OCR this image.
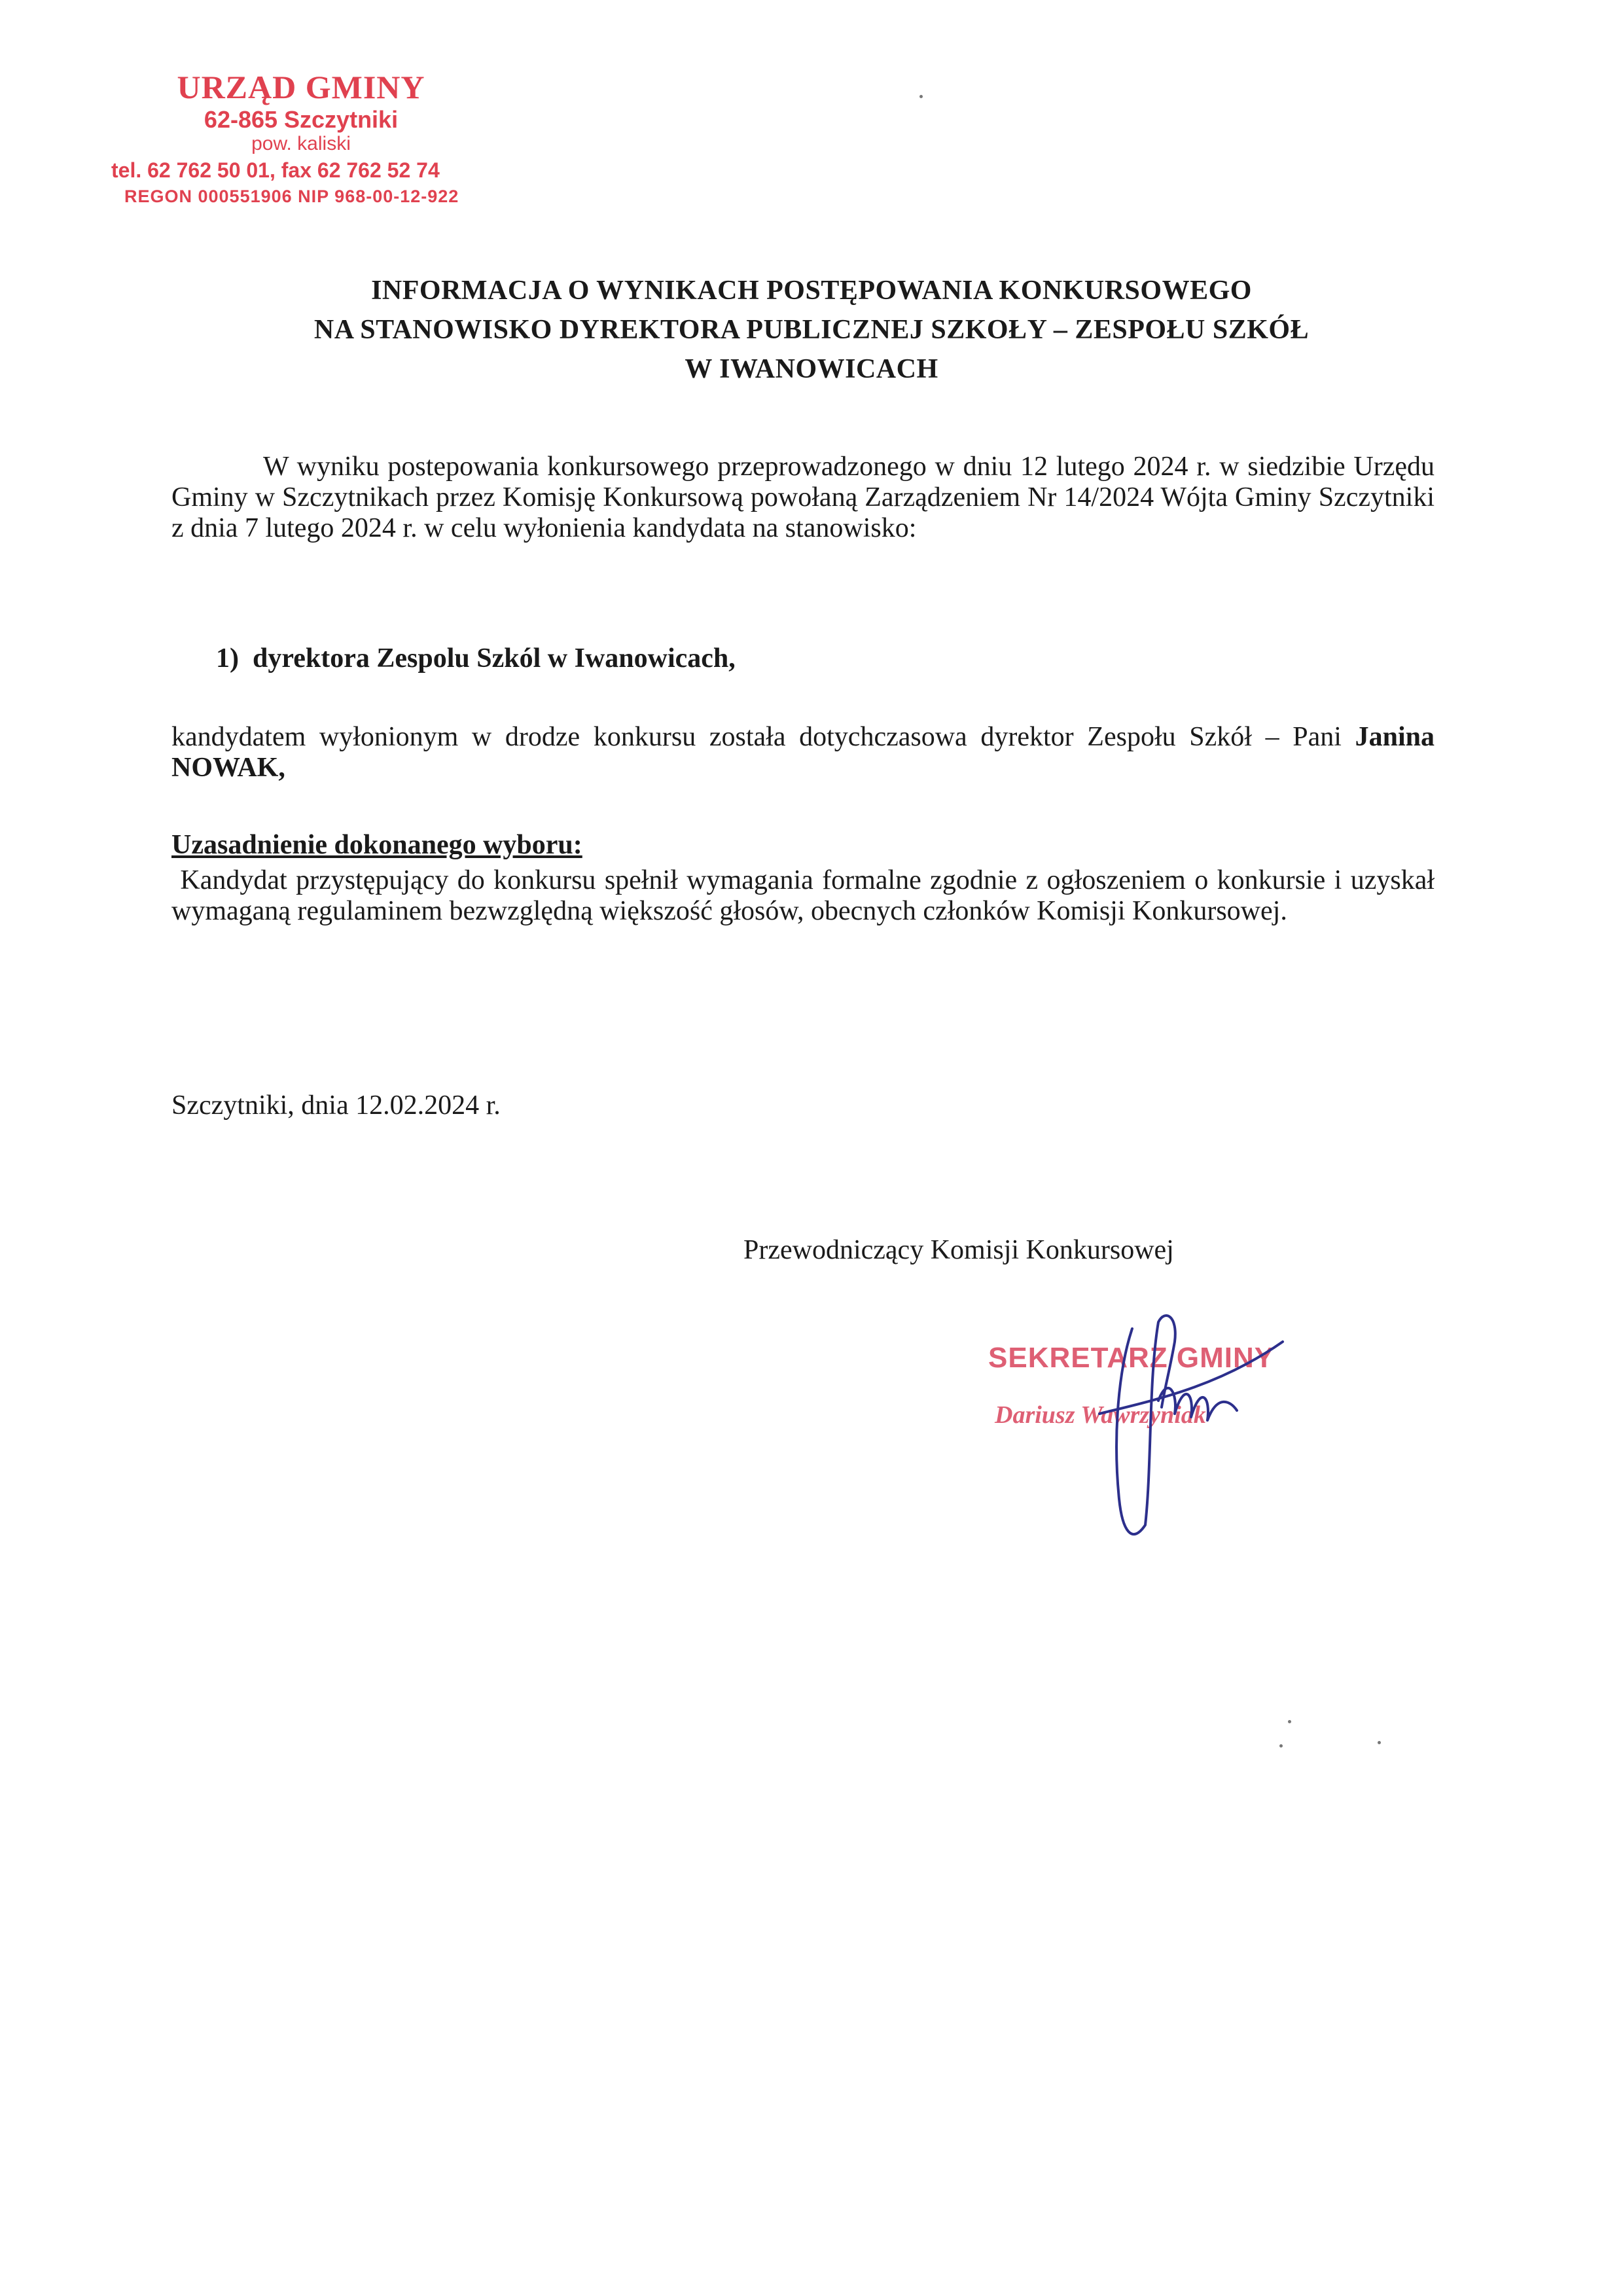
URZĄD GMINY
62-865 Szczytniki
pow. kaliski
tel. 62 762 50 01, fax 62 762 52 74
REGON 000551906 NIP 968-00-12-922
INFORMACJA O WYNIKACH POSTĘPOWANIA KONKURSOWEGO
NA STANOWISKO DYREKTORA PUBLICZNEJ SZKOŁY – ZESPOŁU SZKÓŁ
W IWANOWICACH
W wyniku postepowania konkursowego przeprowadzonego w dniu 12 lutego 2024 r. w siedzibie Urzędu Gminy w Szczytnikach przez Komisję Konkursową powołaną Zarządzeniem Nr 14/2024 Wójta Gminy Szczytniki z dnia 7 lutego 2024 r. w celu wyłonienia kandydata na stanowisko:
1) dyrektora Zespolu Szkól w Iwanowicach,
kandydatem wyłonionym w drodze konkursu została dotychczasowa dyrektor Zespołu Szkół – Pani Janina NOWAK,
Uzasadnienie dokonanego wyboru:
Kandydat przystępujący do konkursu spełnił wymagania formalne zgodnie z ogłoszeniem o konkursie i uzyskał wymaganą regulaminem bezwzględną większość głosów, obecnych członków Komisji Konkursowej.
Szczytniki, dnia 12.02.2024 r.
Przewodniczący Komisji Konkursowej
SEKRETARZ GMINY
Dariusz Wawrzyniak
